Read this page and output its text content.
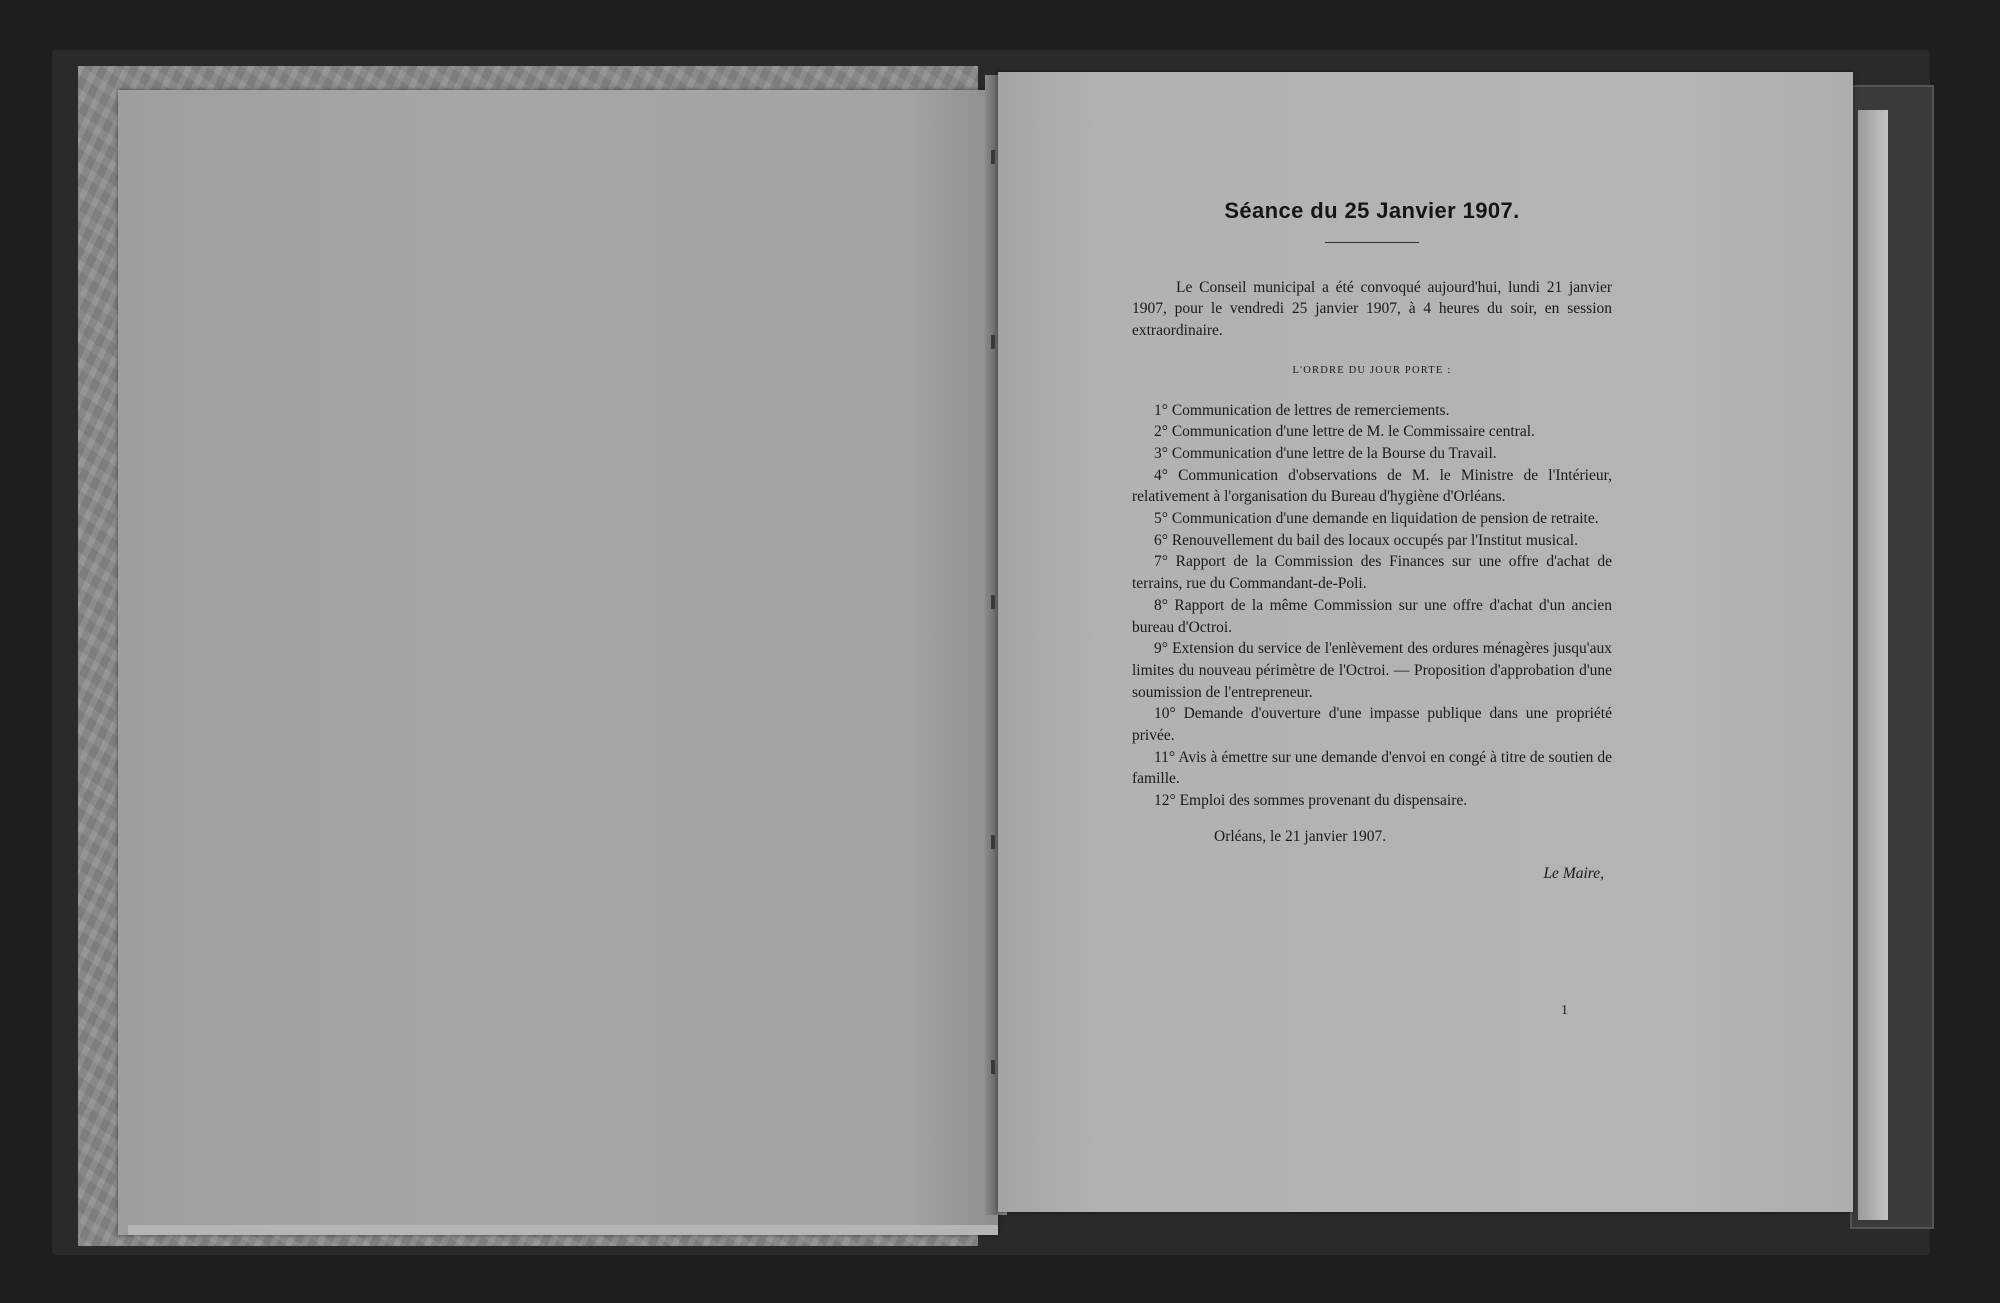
Séance du 25 Janvier 1907.

Le Conseil municipal a été convoqué aujourd'hui, lundi 21 janvier 1907, pour le vendredi 25 janvier 1907, à 4 heures du soir, en session extraordinaire.

L'ORDRE DU JOUR PORTE :

1° Communication de lettres de remerciements.
2° Communication d'une lettre de M. le Commissaire central.
3° Communication d'une lettre de la Bourse du Travail.
4° Communication d'observations de M. le Ministre de l'Intérieur, relativement à l'organisation du Bureau d'hygiène d'Orléans.
5° Communication d'une demande en liquidation de pension de retraite.
6° Renouvellement du bail des locaux occupés par l'Institut musical.
7° Rapport de la Commission des Finances sur une offre d'achat de terrains, rue du Commandant-de-Poli.
8° Rapport de la même Commission sur une offre d'achat d'un ancien bureau d'Octroi.
9° Extension du service de l'enlèvement des ordures ménagères jusqu'aux limites du nouveau périmètre de l'Octroi. — Proposition d'approbation d'une soumission de l'entrepreneur.
10° Demande d'ouverture d'une impasse publique dans une propriété privée.
11° Avis à émettre sur une demande d'envoi en congé à titre de soutien de famille.
12° Emploi des sommes provenant du dispensaire.

Orléans, le 21 janvier 1907.

Le Maire,

1
